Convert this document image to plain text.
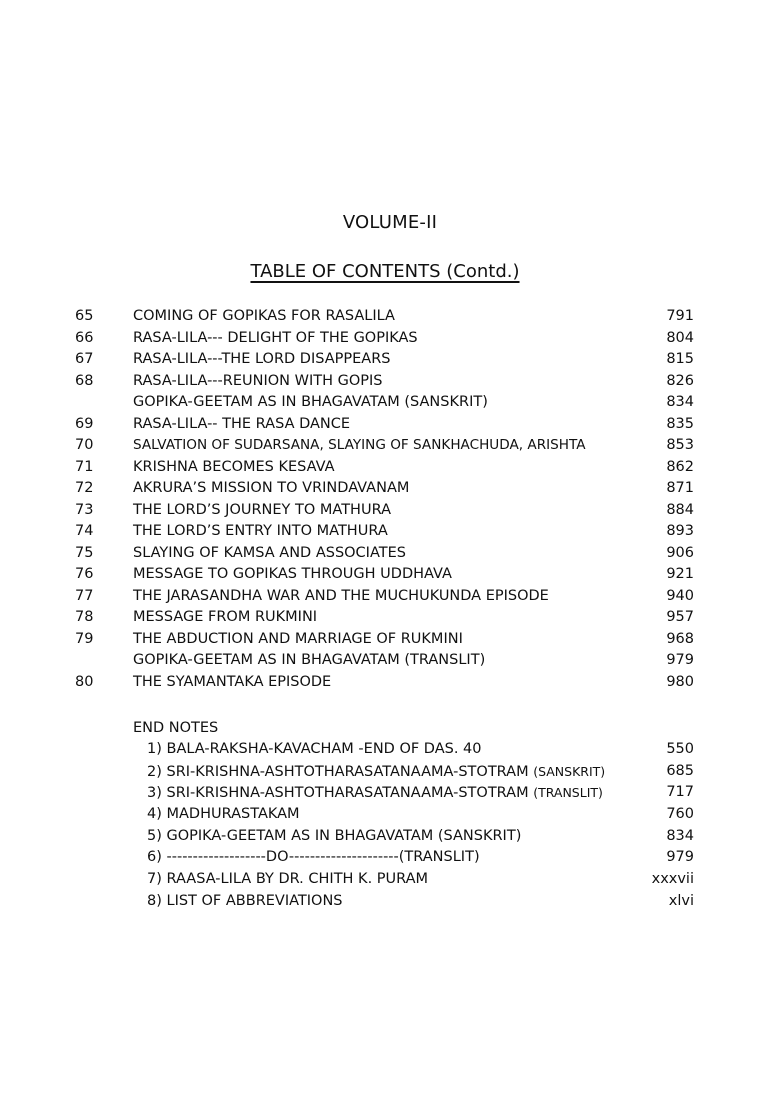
VOLUME-II
TABLE OF CONTENTS (Contd.)
65	COMING OF GOPIKAS FOR RASALILA	791
66	RASA-LILA--- DELIGHT OF THE GOPIKAS	804
67	RASA-LILA---THE LORD DISAPPEARS	815
68	RASA-LILA---REUNION WITH GOPIS	826
GOPIKA-GEETAM AS IN BHAGAVATAM (SANSKRIT)	834
69	RASA-LILA-- THE RASA DANCE	835
70	SALVATION OF SUDARSANA, SLAYING OF SANKHACHUDA, ARISHTA	853
71	KRISHNA BECOMES KESAVA	862
72	AKRURA’S MISSION TO VRINDAVANAM	871
73	THE LORD’S JOURNEY TO MATHURA	884
74	THE LORD’S ENTRY INTO MATHURA	893
75	SLAYING OF KAMSA AND ASSOCIATES	906
76	MESSAGE TO GOPIKAS THROUGH UDDHAVA	921
77	THE JARASANDHA WAR AND THE MUCHUKUNDA EPISODE	940
78	MESSAGE FROM RUKMINI	957
79	THE ABDUCTION AND MARRIAGE OF RUKMINI	968
GOPIKA-GEETAM AS IN BHAGAVATAM (TRANSLIT)	979
80	THE SYAMANTAKA EPISODE	980
END NOTES
1) BALA-RAKSHA-KAVACHAM -END OF DAS. 40	550
2) SRI-KRISHNA-ASHTOTHARASATANAAMA-STOTRAM (SANSKRIT)	685
3) SRI-KRISHNA-ASHTOTHARASATANAAMA-STOTRAM (TRANSLIT)	717
4) MADHURASTAKAM	760
5) GOPIKA-GEETAM AS IN BHAGAVATAM (SANSKRIT)	834
6) -------------------DO---------------------(TRANSLIT)	979
7) RAASA-LILA BY DR. CHITH K. PURAM	xxxvii
8) LIST OF ABBREVIATIONS	xlvi
